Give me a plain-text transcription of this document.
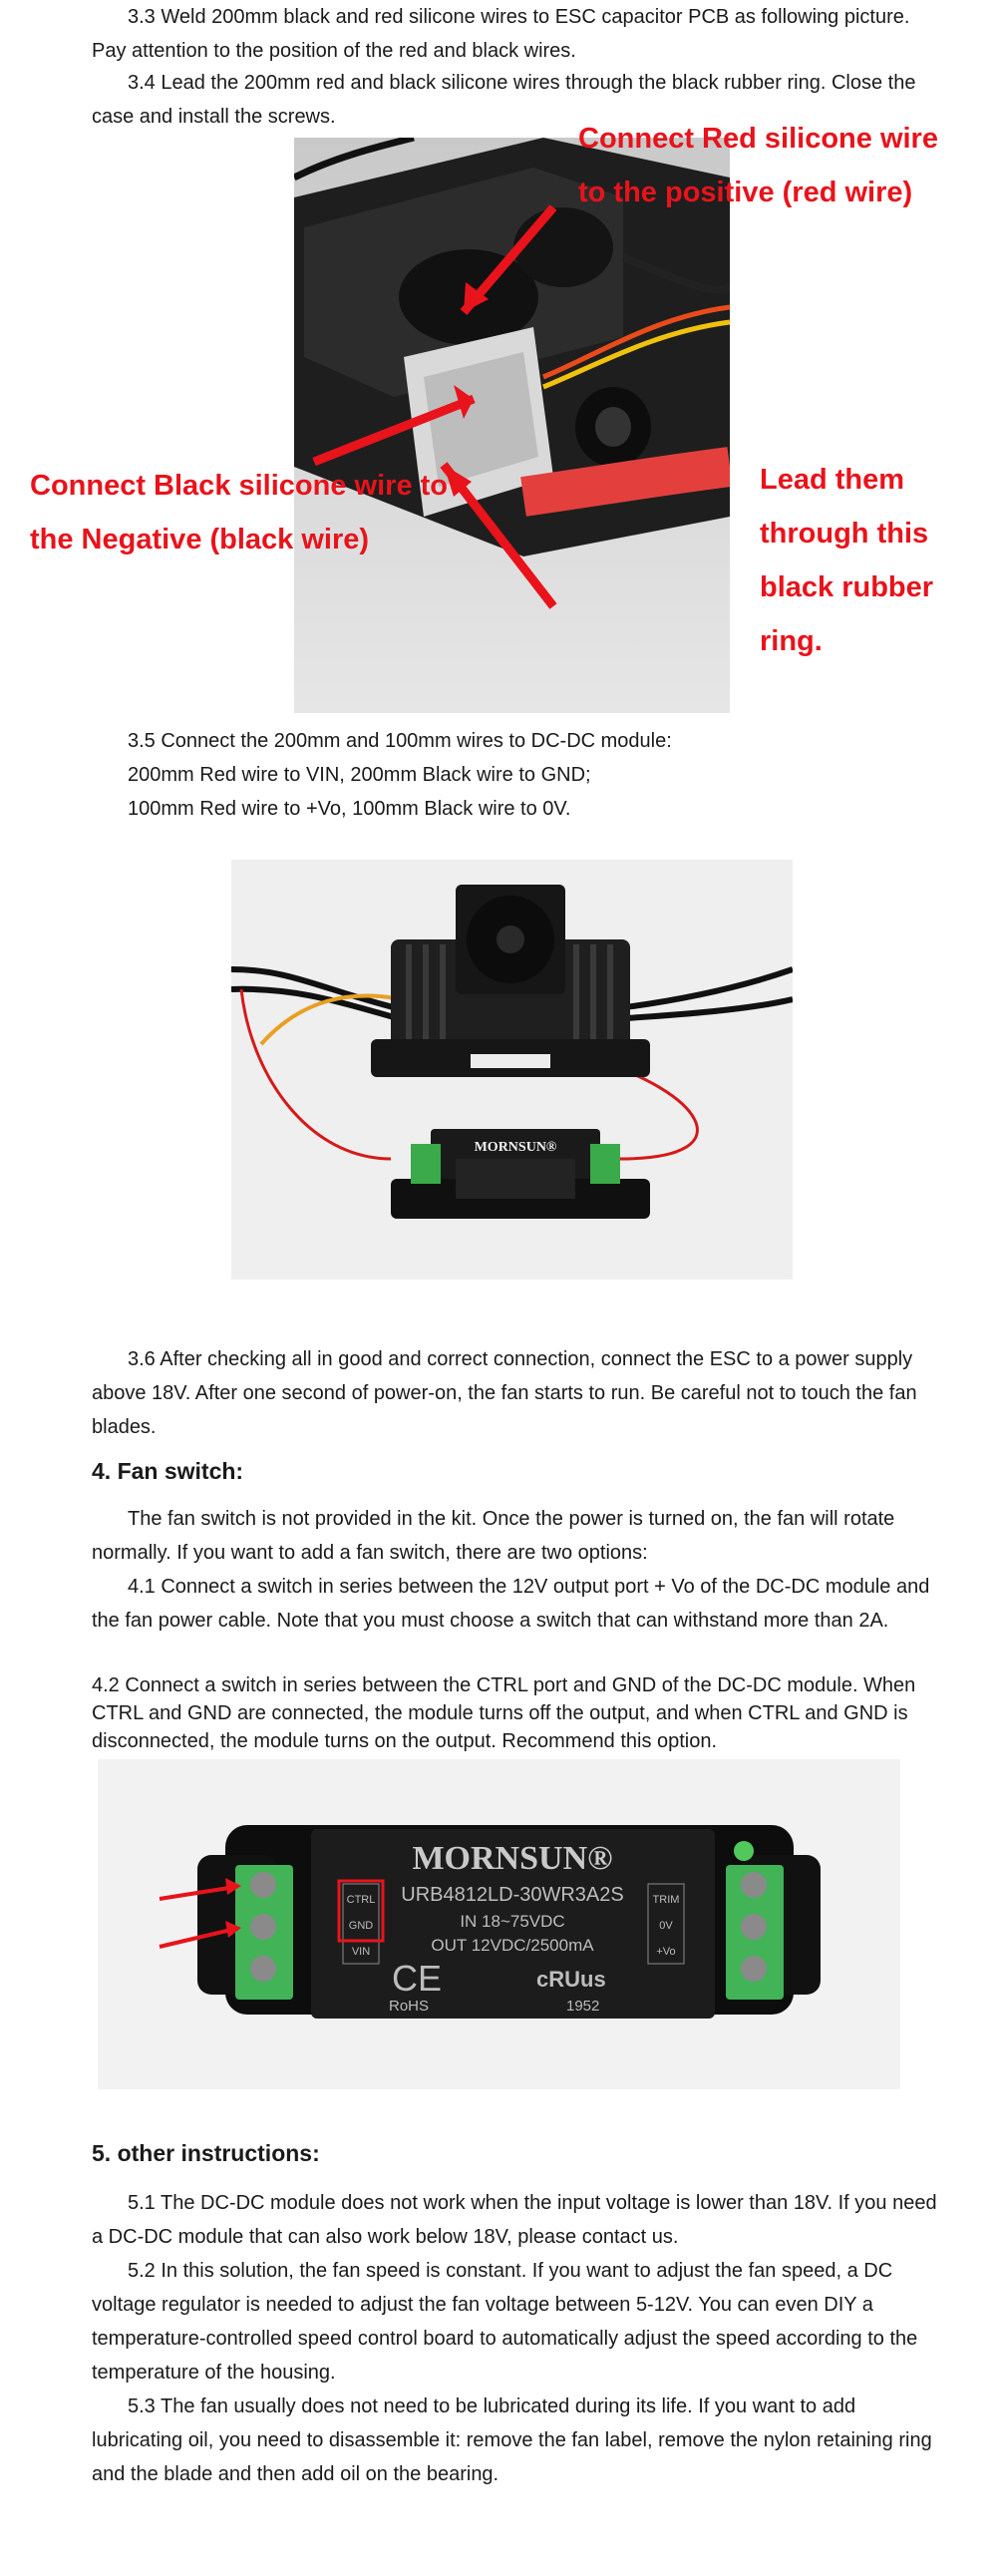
3.3 Weld 200mm black and red silicone wires to ESC capacitor PCB as following picture. Pay attention to the position of the red and black wires.

3.4 Lead the 200mm red and black silicone wires through the black rubber ring. Close the case and install the screws.

Connect Red silicone wire
to the positive (red wire)
Connect Black silicone wire to
the Negative (black wire)
Lead them
through this
black rubber
ring.

3.5 Connect the 200mm and 100mm wires to DC-DC module:

200mm Red wire to VIN, 200mm Black wire to GND;

100mm Red wire to +Vo, 100mm Black wire to 0V.

MORNSUN®

3.6 After checking all in good and correct connection, connect the ESC to a power supply above 18V. After one second of power-on, the fan starts to run. Be careful not to touch the fan blades.

4. Fan switch:

The fan switch is not provided in the kit. Once the power is turned on, the fan will rotate normally. If you want to add a fan switch, there are two options:

4.1 Connect a switch in series between the 12V output port + Vo of the DC-DC module and the fan power cable. Note that you must choose a switch that can withstand more than 2A.

4.2 Connect a switch in series between the CTRL port and GND of the DC-DC module. When CTRL and GND are connected, the module turns off the output, and when CTRL and GND is disconnected, the module turns on the output. Recommend this option.

MORNSUN®
URB4812LD-30WR3A2S
IN 18~75VDC
OUT 12VDC/2500mA
CE
RoHS
cRUus
1952
CTRL
GND
VIN
TRIM
0V
+Vo
5. other instructions:

5.1 The DC-DC module does not work when the input voltage is lower than 18V. If you need a DC-DC module that can also work below 18V, please contact us.

5.2 In this solution, the fan speed is constant. If you want to adjust the fan speed, a DC voltage regulator is needed to adjust the fan voltage between 5-12V. You can even DIY a temperature-controlled speed control board to automatically adjust the speed according to the temperature of the housing.

5.3 The fan usually does not need to be lubricated during its life. If you want to add lubricating oil, you need to disassemble it: remove the fan label, remove the nylon retaining ring and the blade and then add oil on the bearing.
